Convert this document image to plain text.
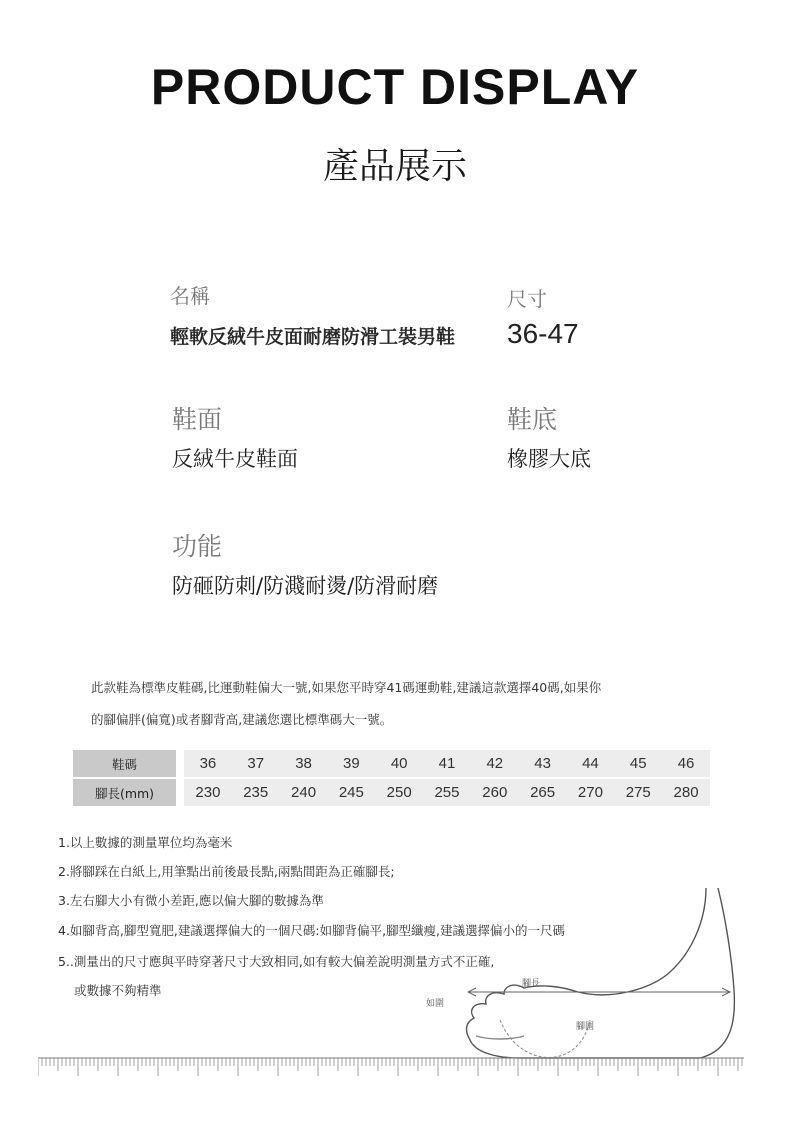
PRODUCT DISPLAY
產品展示
名稱
輕軟反絨牛皮面耐磨防滑工裝男鞋
尺寸
36-47
鞋面
反絨牛皮鞋面
鞋底
橡膠大底
功能
防砸防刺/防濺耐燙/防滑耐磨
此款鞋為標準皮鞋碼,比運動鞋偏大一號,如果您平時穿41碼運動鞋,建議這款選擇40碼,如果你
的腳偏胖(偏寬)或者腳背高,建議您選比標準碼大一號。
鞋碼		36	37	38	39	40	41	42	43	44	45	46
腳長(mm)		230	235	240	245	250	255	260	265	270	275	280
腳長
腳圍
如圍
1.以上數據的測量單位均為毫米
2.將腳踩在白紙上,用筆點出前後最長點,兩點間距為正確腳長;
3.左右腳大小有微小差距,應以偏大腳的數據為準
4.如腳背高,腳型寬肥,建議選擇偏大的一個尺碼:如腳背偏平,腳型纖瘦,建議選擇偏小的一尺碼
5..測量出的尺寸應與平時穿著尺寸大致相同,如有較大偏差說明測量方式不正確,
或數據不夠精準
